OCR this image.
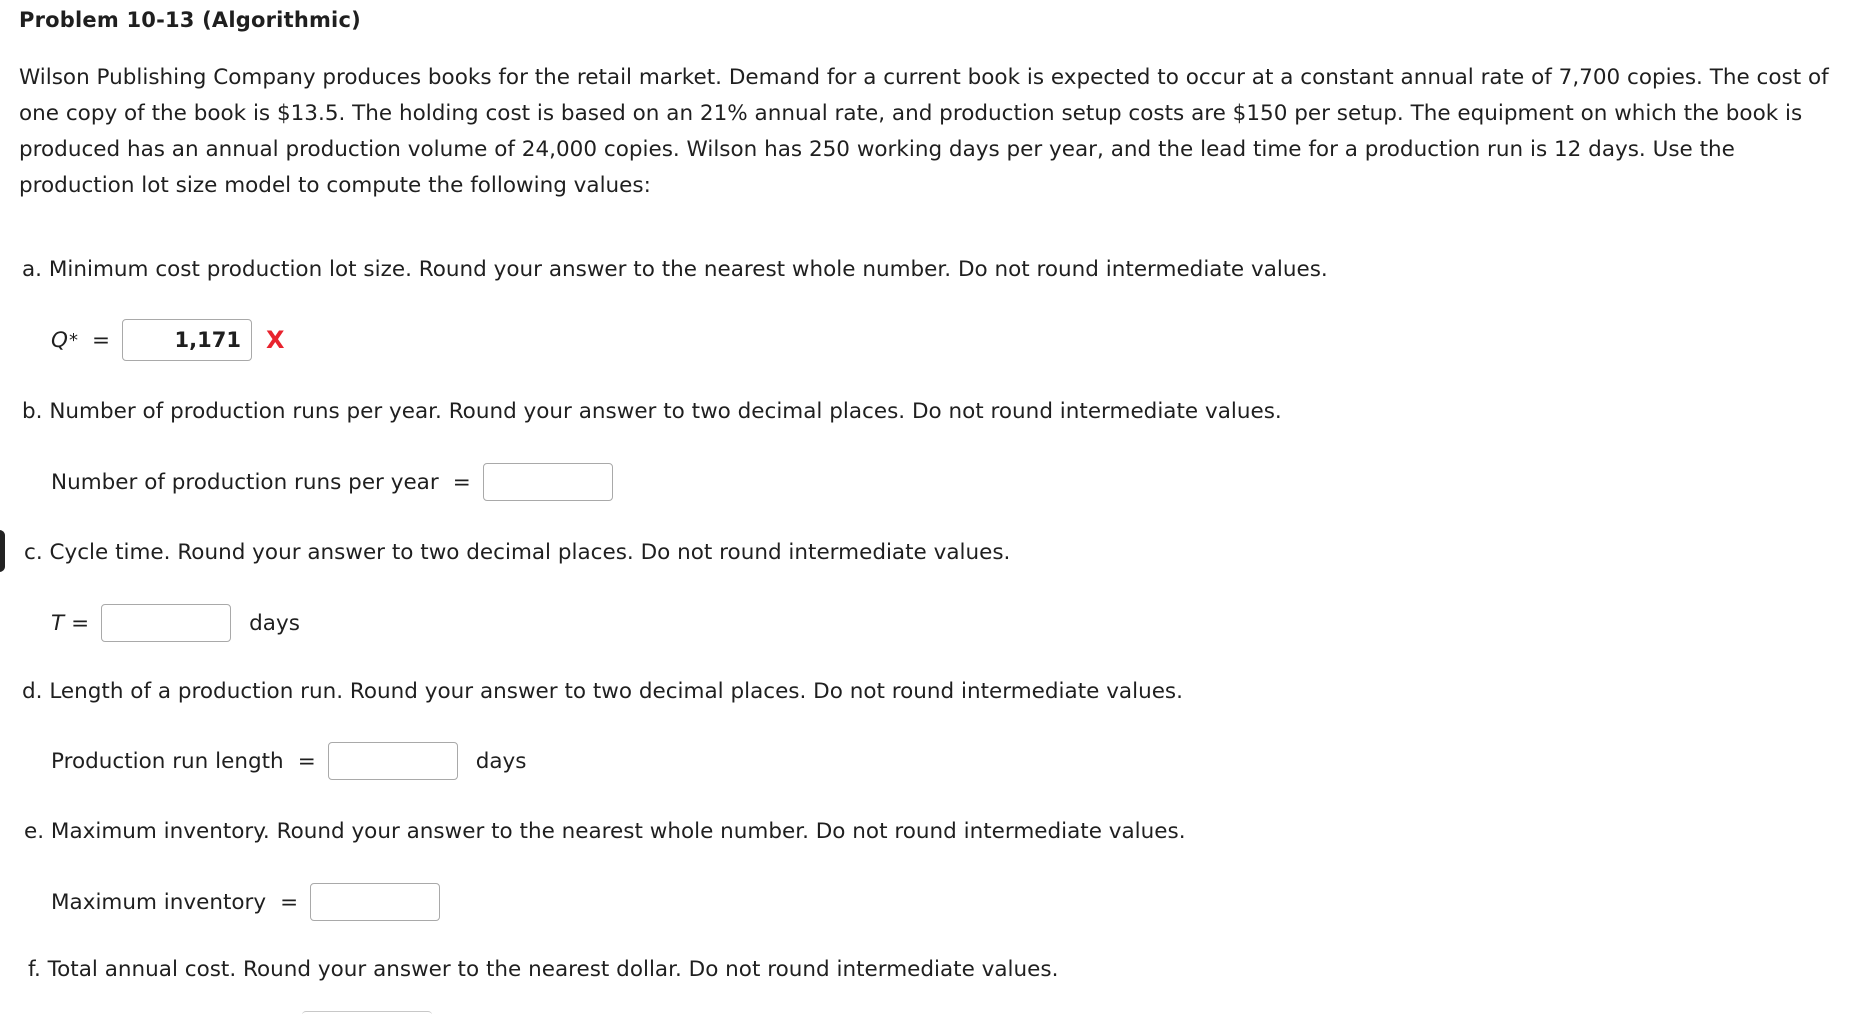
Problem 10-13 (Algorithmic)
Wilson Publishing Company produces books for the retail market. Demand for a current book is expected to occur at a constant annual rate of 7,700 copies. The cost of one copy of the book is $13.5. The holding cost is based on an 21% annual rate, and production setup costs are $150 per setup. The equipment on which the book is produced has an annual production volume of 24,000 copies. Wilson has 250 working days per year, and the lead time for a production run is 12 days. Use the production lot size model to compute the following values:
a. Minimum cost production lot size. Round your answer to the nearest whole number. Do not round intermediate values.
Q * =
1,171	X
b. Number of production runs per year. Round your answer to two decimal places. Do not round intermediate values.
Number of production runs per year =
c. Cycle time. Round your answer to two decimal places. Do not round intermediate values.
T =	days
d. Length of a production run. Round your answer to two decimal places. Do not round intermediate values.
Production run length =	days
e. Maximum inventory. Round your answer to the nearest whole number. Do not round intermediate values.
Maximum inventory =
f. Total annual cost. Round your answer to the nearest dollar. Do not round intermediate values.
